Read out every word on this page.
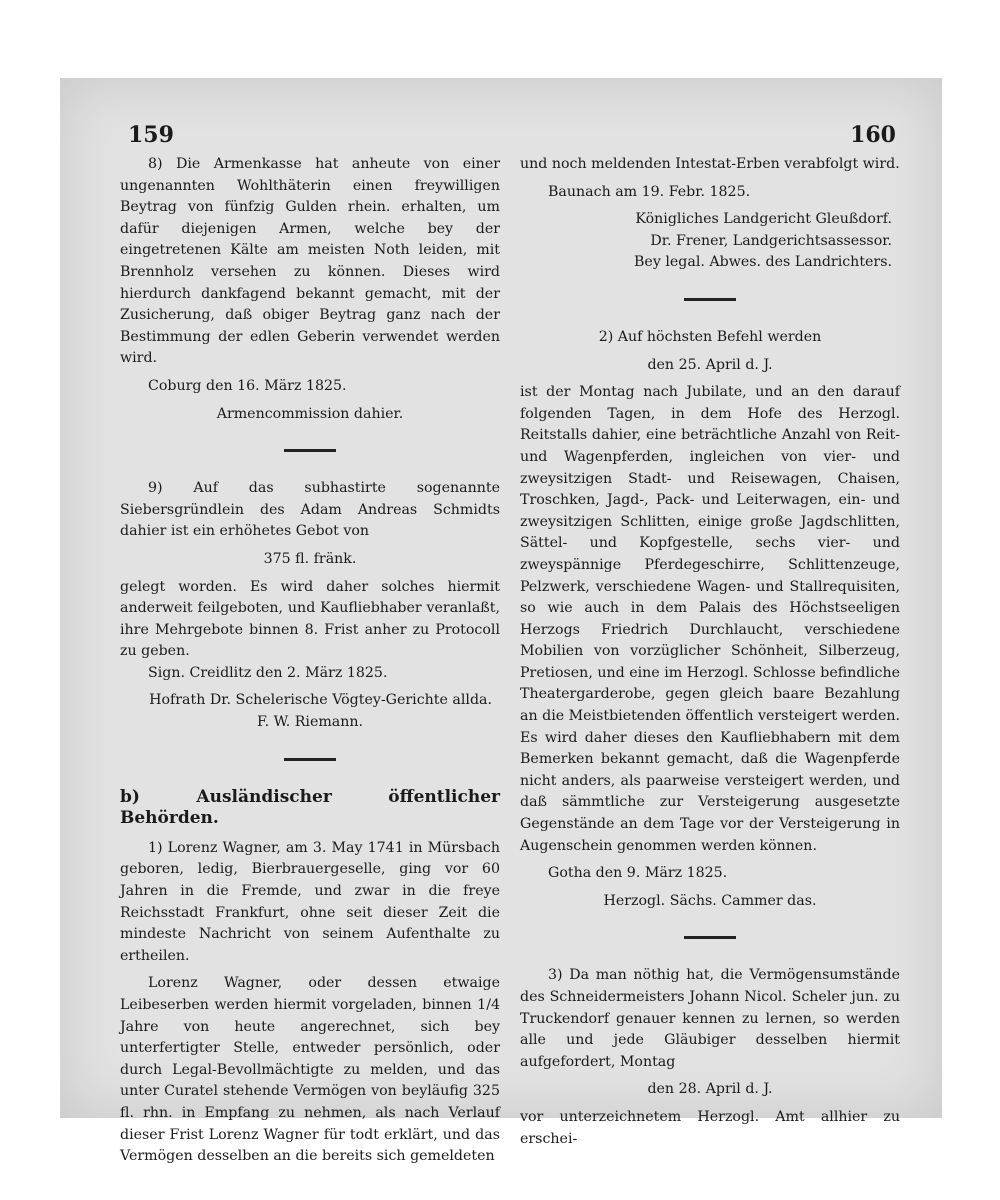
159	160

8) Die Armenkasse hat anheute von einer ungenannten Wohlthäterin einen freywilligen Beytrag von fünfzig Gulden rhein. erhalten, um dafür diejenigen Armen, welche bey der eingetretenen Kälte am meisten Noth leiden, mit Brennholz versehen zu können. Dieses wird hierdurch dankfagend bekannt gemacht, mit der Zusicherung, daß obiger Beytrag ganz nach der Bestimmung der edlen Geberin verwendet werden wird.

Coburg den 16. März 1825.

Armencommission dahier.

9) Auf das subhastirte sogenannte Siebersgründlein des Adam Andreas Schmidts dahier ist ein erhöhetes Gebot von

375 fl. fränk.

gelegt worden. Es wird daher solches hiermit anderweit feilgeboten, und Kaufliebhaber veranlaßt, ihre Mehrgebote binnen 8. Frist anher zu Protocoll zu geben.

Sign. Creidlitz den 2. März 1825.

Hofrath Dr. Schelerische Vögtey-Gerichte allda.

F. W. Riemann.

b) Ausländischer öffentlicher Behörden.

1) Lorenz Wagner, am 3. May 1741 in Mürsbach geboren, ledig, Bierbrauergeselle, ging vor 60 Jahren in die Fremde, und zwar in die freye Reichsstadt Frankfurt, ohne seit dieser Zeit die mindeste Nachricht von seinem Aufenthalte zu ertheilen.

Lorenz Wagner, oder dessen etwaige Leibeserben werden hiermit vorgeladen, binnen 1/4 Jahre von heute angerechnet, sich bey unterfertigter Stelle, entweder persönlich, oder durch Legal-Bevollmächtigte zu melden, und das unter Curatel stehende Vermögen von beyläufig 325 fl. rhn. in Empfang zu nehmen, als nach Verlauf dieser Frist Lorenz Wagner für todt erklärt, und das Vermögen desselben an die bereits sich gemeldeten

und noch meldenden Intestat-Erben verabfolgt wird.

Baunach am 19. Febr. 1825.

Königliches Landgericht Gleußdorf.

Dr. Frener, Landgerichtsassessor.

Bey legal. Abwes. des Landrichters.

2) Auf höchsten Befehl werden

den 25. April d. J.

ist der Montag nach Jubilate, und an den darauf folgenden Tagen, in dem Hofe des Herzogl. Reitstalls dahier, eine beträchtliche Anzahl von Reit- und Wagenpferden, ingleichen von vier- und zweysitzigen Stadt- und Reisewagen, Chaisen, Troschken, Jagd-, Pack- und Leiterwagen, ein- und zweysitzigen Schlitten, einige große Jagdschlitten, Sättel- und Kopfgestelle, sechs vier- und zweyspännige Pferdegeschirre, Schlittenzeuge, Pelzwerk, verschiedene Wagen- und Stallrequisiten, so wie auch in dem Palais des Höchstseeligen Herzogs Friedrich Durchlaucht, verschiedene Mobilien von vorzüglicher Schönheit, Silberzeug, Pretiosen, und eine im Herzogl. Schlosse befindliche Theatergarderobe, gegen gleich baare Bezahlung an die Meistbietenden öffentlich versteigert werden. Es wird daher dieses den Kaufliebhabern mit dem Bemerken bekannt gemacht, daß die Wagenpferde nicht anders, als paarweise versteigert werden, und daß sämmtliche zur Versteigerung ausgesetzte Gegenstände an dem Tage vor der Versteigerung in Augenschein genommen werden können.

Gotha den 9. März 1825.

Herzogl. Sächs. Cammer das.

3) Da man nöthig hat, die Vermögensumstände des Schneidermeisters Johann Nicol. Scheler jun. zu Truckendorf genauer kennen zu lernen, so werden alle und jede Gläubiger desselben hiermit aufgefordert, Montag

den 28. April d. J.

vor unterzeichnetem Herzogl. Amt allhier zu erschei-
